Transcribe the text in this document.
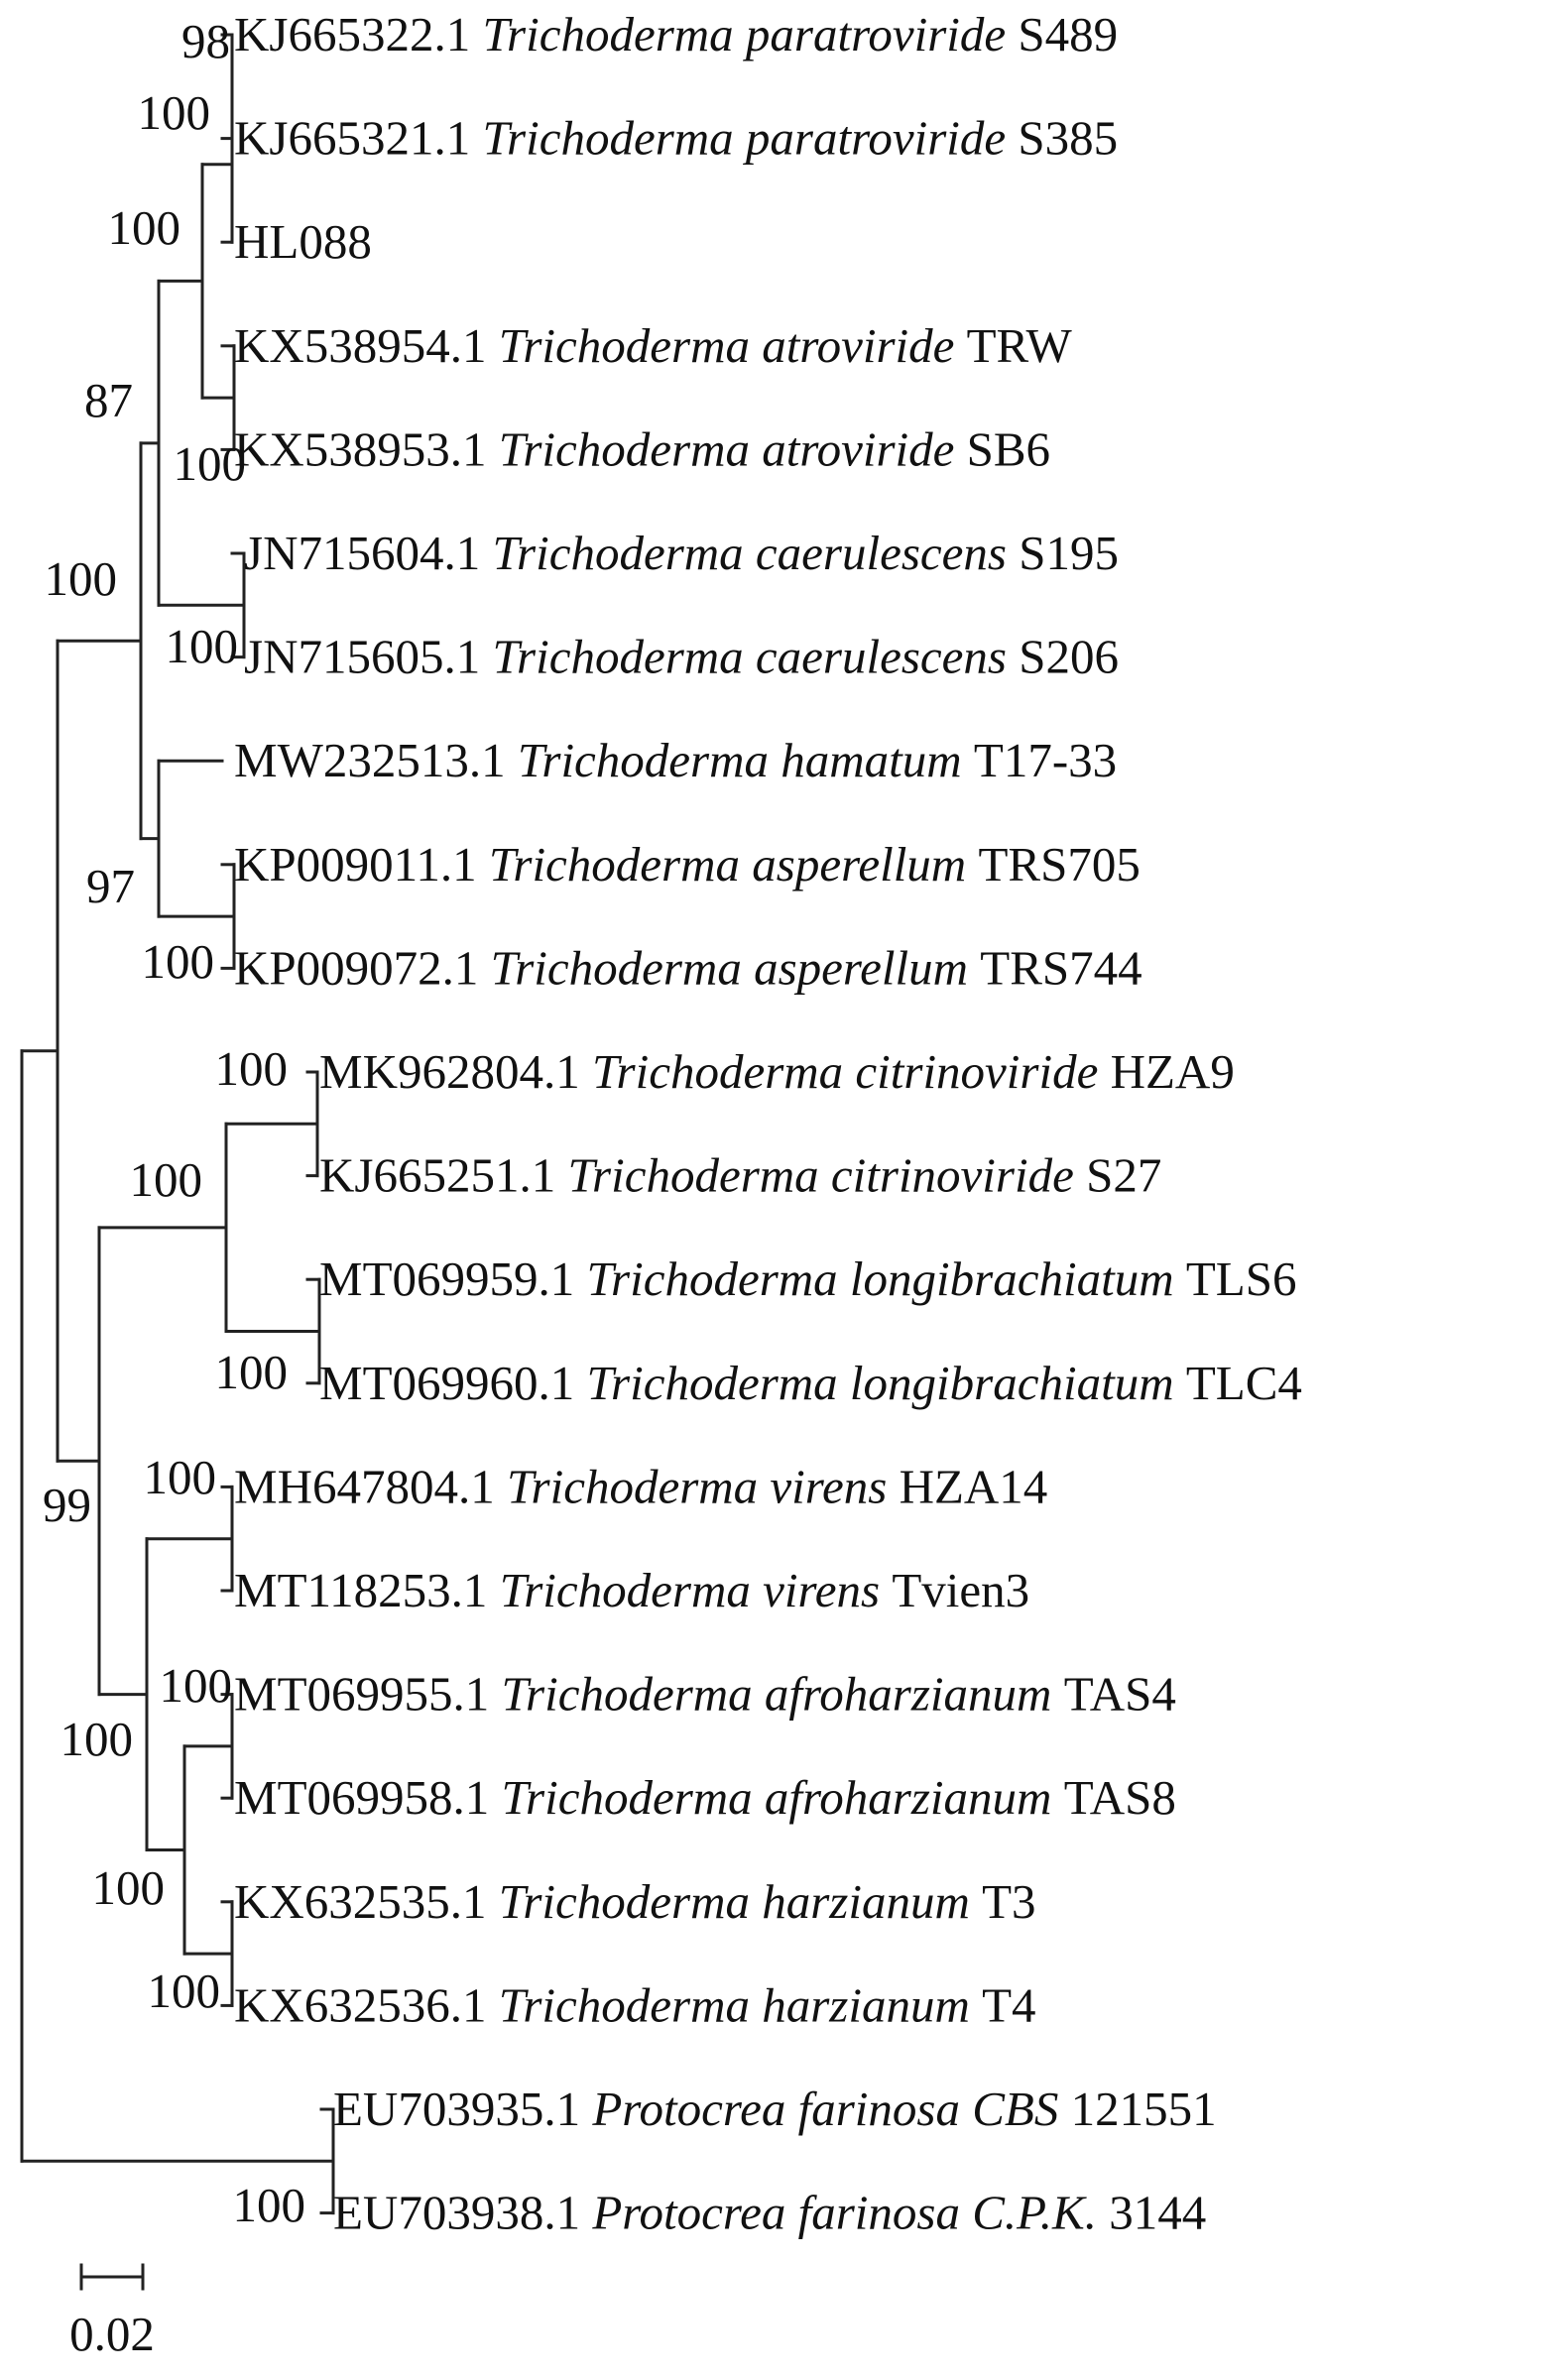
KJ665322.1 Trichoderma paratroviride S489
KJ665321.1 Trichoderma paratroviride S385
HL088
KX538954.1 Trichoderma atroviride TRW
KX538953.1 Trichoderma atroviride SB6
JN715604.1 Trichoderma caerulescens S195
JN715605.1 Trichoderma caerulescens S206
MW232513.1 Trichoderma hamatum T17-33
KP009011.1 Trichoderma asperellum TRS705
KP009072.1 Trichoderma asperellum TRS744
MK962804.1 Trichoderma citrinoviride HZA9
KJ665251.1 Trichoderma citrinoviride S27
MT069959.1 Trichoderma longibrachiatum TLS6
MT069960.1 Trichoderma longibrachiatum TLC4
MH647804.1 Trichoderma virens HZA14
MT118253.1 Trichoderma virens Tvien3
MT069955.1 Trichoderma afroharzianum TAS4
MT069958.1 Trichoderma afroharzianum TAS8
KX632535.1 Trichoderma harzianum T3
KX632536.1 Trichoderma harzianum T4
EU703935.1 Protocrea farinosa CBS 121551
EU703938.1 Protocrea farinosa C.P.K. 3144
98
100
100
87
100
100
100
97
100
100
100
100
100
99
100
100
100
100
100
0.02
